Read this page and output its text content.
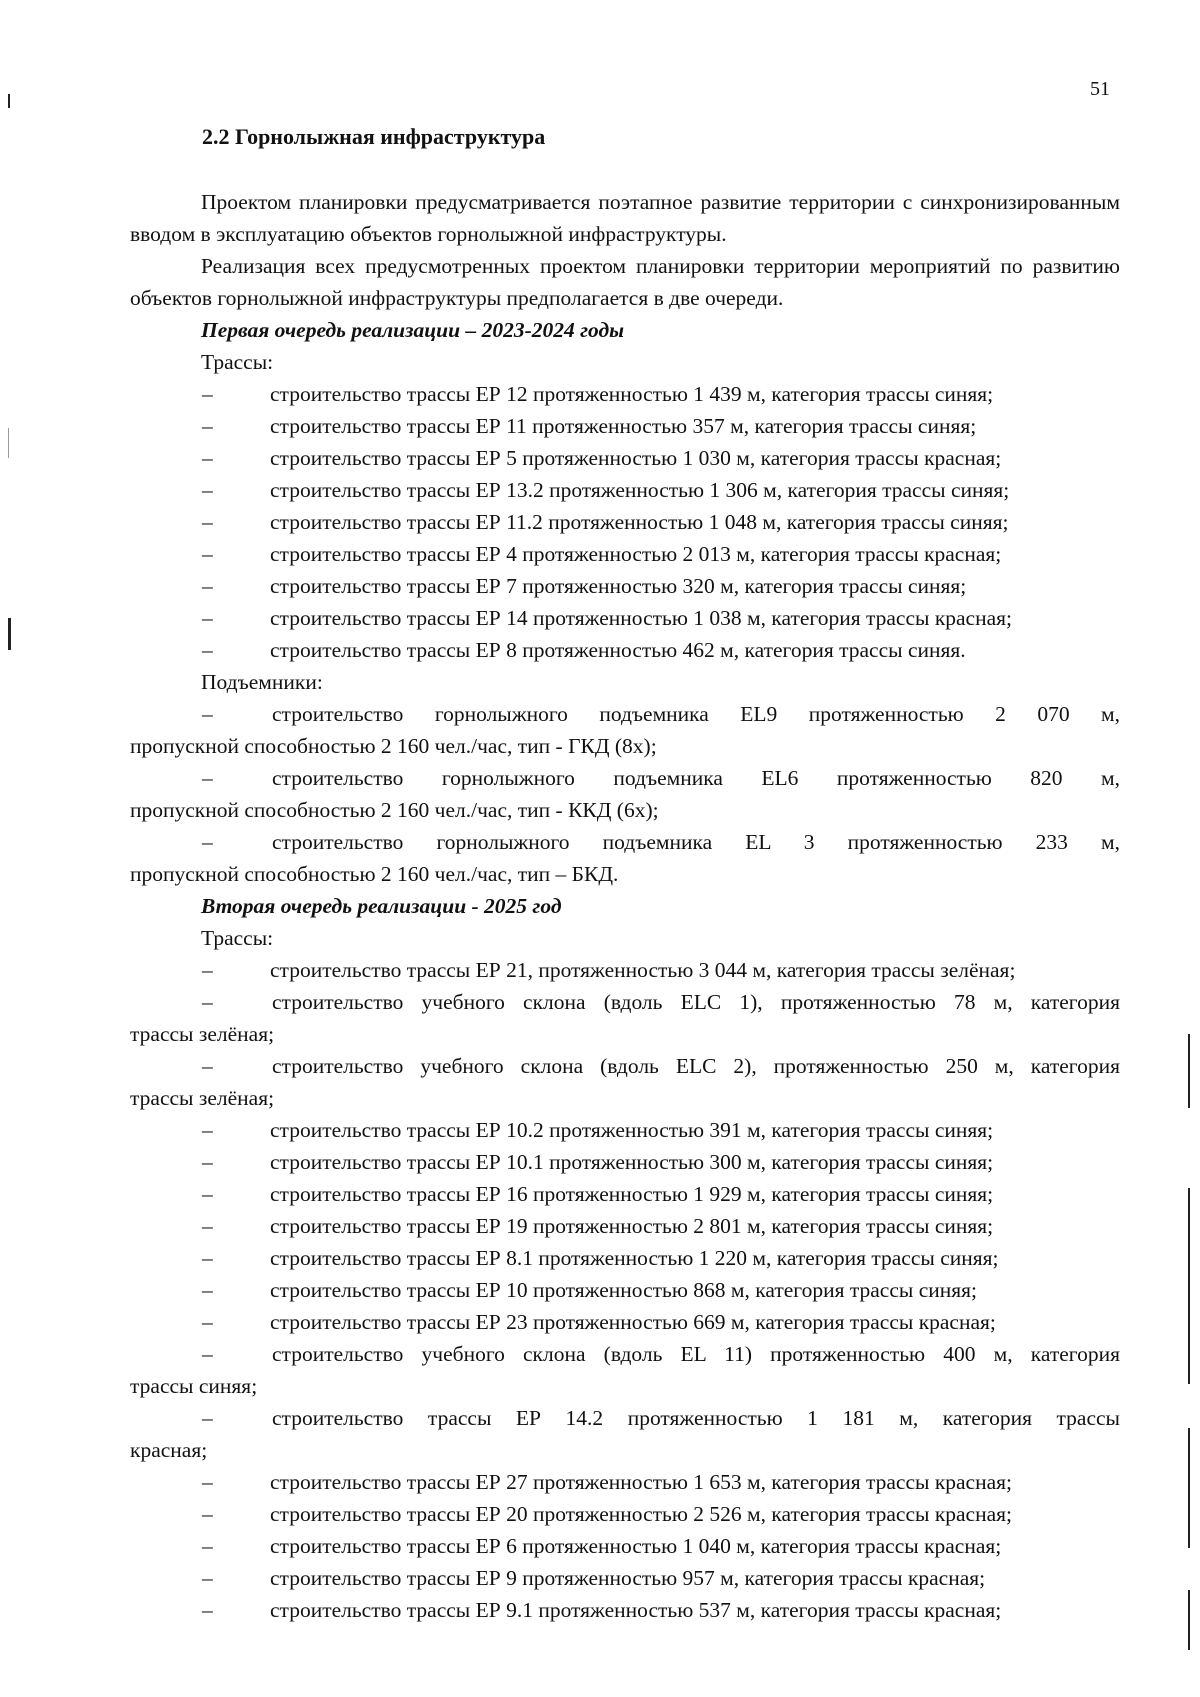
51
2.2 Горнолыжная инфраструктура

Проектом планировки предусматривается поэтапное развитие территории с синхронизированным вводом в эксплуатацию объектов горнолыжной инфраструктуры.

Реализация всех предусмотренных проектом планировки территории мероприятий по развитию объектов горнолыжной инфраструктуры предполагается в две очереди.

Первая очередь реализации – 2023-2024 годы

Трассы:

–	строительство трассы ЕР 12 протяженностью 1 439 м, категория трассы синяя;

–	строительство трассы ЕР 11 протяженностью 357 м, категория трассы синяя;

–	строительство трассы ЕР 5 протяженностью 1 030 м, категория трассы красная;

–	строительство трассы ЕР 13.2 протяженностью 1 306 м, категория трассы синяя;

–	строительство трассы ЕР 11.2 протяженностью 1 048 м, категория трассы синяя;

–	строительство трассы ЕР 4 протяженностью 2 013 м, категория трассы красная;

–	строительство трассы ЕР 7 протяженностью 320 м, категория трассы синяя;

–	строительство трассы ЕР 14 протяженностью 1 038 м, категория трассы красная;

–	строительство трассы ЕР 8 протяженностью 462 м, категория трассы синяя.

Подъемники:

–	строительство горнолыжного подъемника EL9 протяженностью 2 070 м,

пропускной способностью 2 160 чел./час, тип - ГКД (8х);

–	строительство горнолыжного подъемника EL6 протяженностью 820 м,

пропускной способностью 2 160 чел./час, тип - ККД (6х);

–	строительство горнолыжного подъемника EL 3 протяженностью 233 м,

пропускной способностью 2 160 чел./час, тип – БКД.

Вторая очередь реализации - 2025 год

Трассы:

–	строительство трассы ЕР 21, протяженностью 3 044 м, категория трассы зелёная;

–	строительство учебного склона (вдоль ELC 1), протяженностью 78 м, категория

трассы зелёная;

–	строительство учебного склона (вдоль ELC 2), протяженностью 250 м, категория

трассы зелёная;

–	строительство трассы ЕР 10.2 протяженностью 391 м, категория трассы синяя;

–	строительство трассы ЕР 10.1 протяженностью 300 м, категория трассы синяя;

–	строительство трассы ЕР 16 протяженностью 1 929 м, категория трассы синяя;

–	строительство трассы ЕР 19 протяженностью 2 801 м, категория трассы синяя;

–	строительство трассы ЕР 8.1 протяженностью 1 220 м, категория трассы синяя;

–	строительство трассы ЕР 10 протяженностью 868 м, категория трассы синяя;

–	строительство трассы ЕР 23 протяженностью 669 м, категория трассы красная;

–	строительство учебного склона (вдоль EL 11) протяженностью 400 м, категория

трассы синяя;

–	строительство трассы ЕР 14.2 протяженностью 1 181 м, категория трассы

красная;

–	строительство трассы ЕР 27 протяженностью 1 653 м, категория трассы красная;

–	строительство трассы ЕР 20 протяженностью 2 526 м, категория трассы красная;

–	строительство трассы ЕР 6 протяженностью 1 040 м, категория трассы красная;

–	строительство трассы ЕР 9 протяженностью 957 м, категория трассы красная;

–	строительство трассы ЕР 9.1 протяженностью 537 м, категория трассы красная;
